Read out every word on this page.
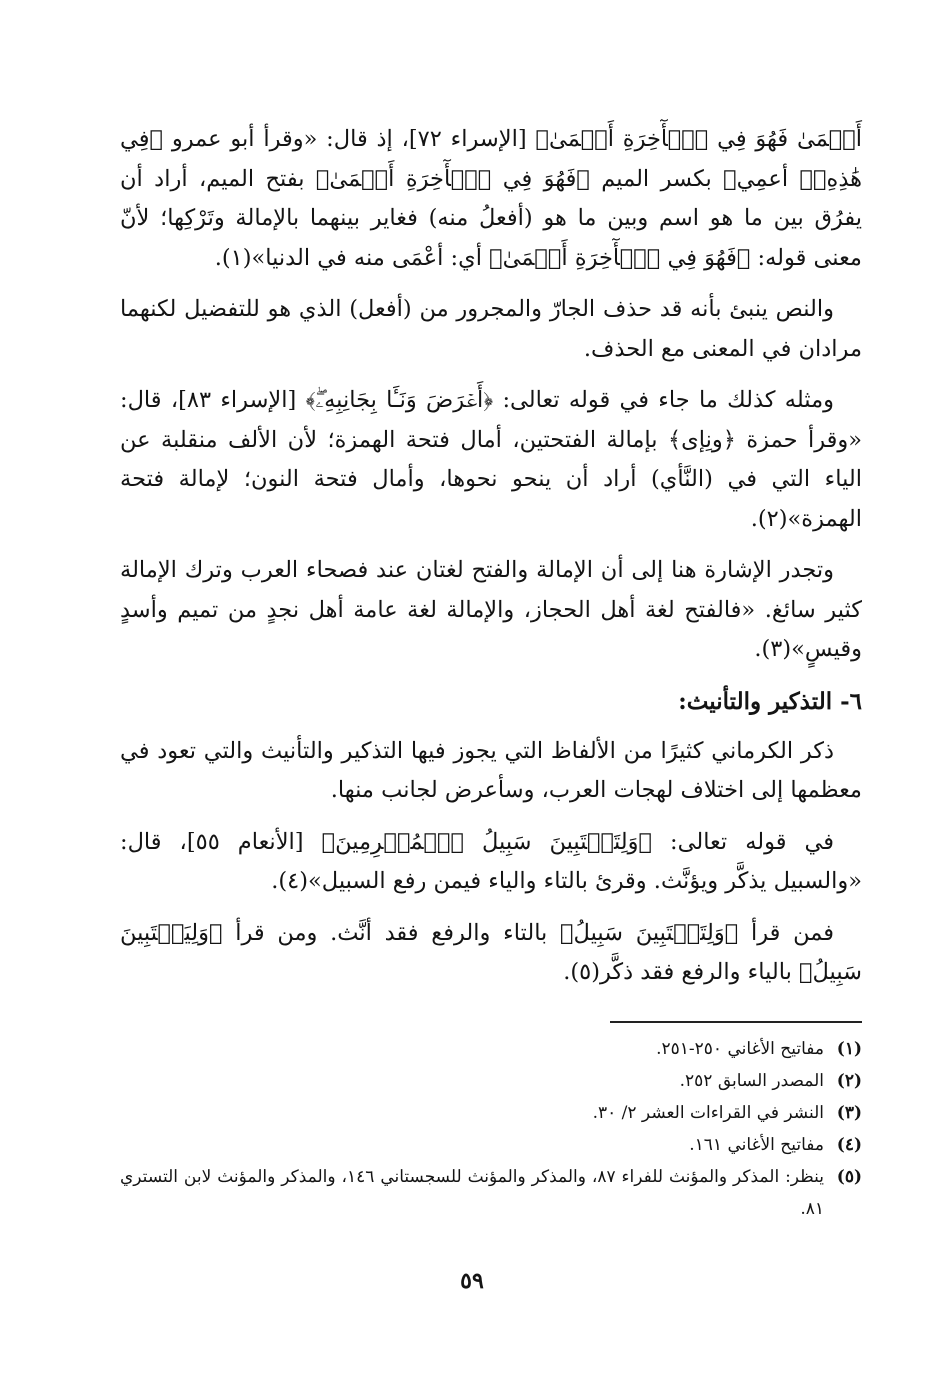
أَعۡمَىٰ فَهُوَ فِي ٱلۡأٓخِرَةِ أَعۡمَىٰ﴾ [الإسراء ٧٢]، إذ قال: «وقرأ أبو عمرو ﴿فِي هَٰذِهِۦٓ أعمِي﴾ بكسر الميم ﴿فَهُوَ فِي ٱلۡأٓخِرَةِ أَعۡمَىٰ﴾ بفتح الميم، أراد أن يفرُق بين ما هو اسم وبين ما هو (أفعلُ منه) فغاير بينهما بالإمالة وتَرْكِها؛ لأنّ معنى قوله: ﴿فَهُوَ فِي ٱلۡأٓخِرَةِ أَعۡمَىٰ﴾ أي: أعْمَى منه في الدنيا»(١).

والنص ينبئ بأنه قد حذف الجارّ والمجرور من (أفعل) الذي هو للتفضيل لكنهما مرادان في المعنى مع الحذف.

ومثله كذلك ما جاء في قوله تعالى: ﴿أَعۡرَضَ وَنَـَٔا بِجَانِبِهِۦۖ﴾ [الإسراء ٨٣]، قال: «وقرأ حمزة ﴿ونِإى﴾ بإمالة الفتحتين، أمال فتحة الهمزة؛ لأن الألف منقلبة عن الياء التي في (النَّأي) أراد أن ينحو نحوها، وأمال فتحة النون؛ لإمالة فتحة الهمزة»(٢).

وتجدر الإشارة هنا إلى أن الإمالة والفتح لغتان عند فصحاء العرب وترك الإمالة كثير سائغ. «فالفتح لغة أهل الحجاز، والإمالة لغة عامة أهل نجدٍ من تميم وأسدٍ وقيسٍ»(٣).

٦- التذكير والتأنيث:

ذكر الكرماني كثيرًا من الألفاظ التي يجوز فيها التذكير والتأنيث والتي تعود في معظمها إلى اختلاف لهجات العرب، وسأعرض لجانب منها.

في قوله تعالى: ﴿وَلِتَسۡتَبِينَ سَبِيلُ ٱلۡمُجۡرِمِينَ﴾ [الأنعام ٥٥]، قال: «والسبيل يذكَّر ويؤنَّث. وقرئ بالتاء والياء فيمن رفع السبيل»(٤).

فمن قرأ ﴿وَلِتَسۡتَبِينَ سَبِيلُ﴾ بالتاء والرفع فقد أنَّث. ومن قرأ ﴿وَلِيَسۡتَبِينَ سَبِيلُ﴾ بالياء والرفع فقد ذكَّر(٥).

(١)
مفاتيح الأغاني ٢٥٠-٢٥١.
(٢)
المصدر السابق ٢٥٢.
(٣)
النشر في القراءات العشر ٢/ ٣٠.
(٤)
مفاتيح الأغاني ١٦١.
(٥)
ينظر: المذكر والمؤنث للفراء ٨٧، والمذكر والمؤنث للسجستاني ١٤٦، والمذكر والمؤنث لابن التستري ٨١.
٥٩
